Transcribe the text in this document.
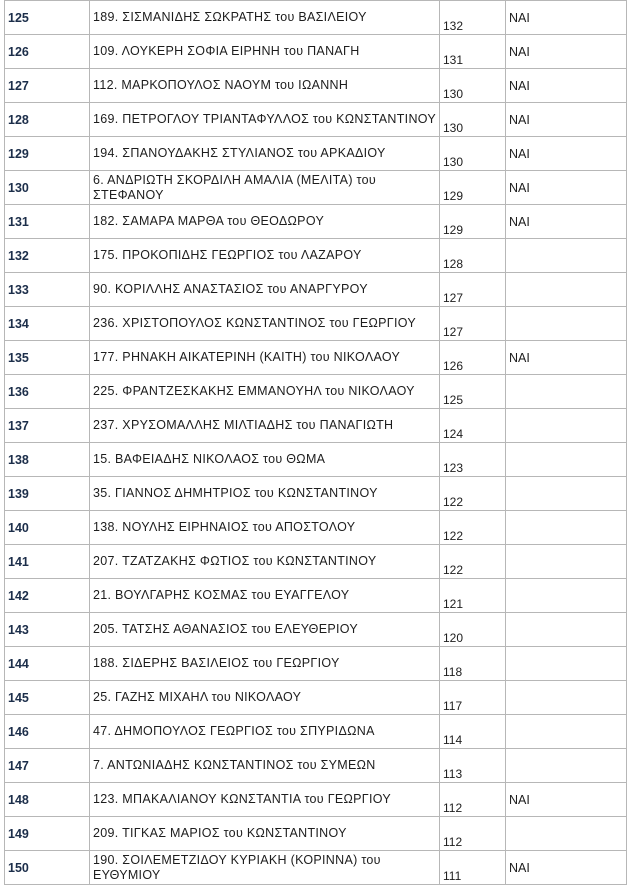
125	189. ΣΙΣΜΑΝΙΔΗΣ ΣΩΚΡΑΤΗΣ του ΒΑΣΙΛΕΙΟΥ	132	ΝΑΙ
126	109. ΛΟΥΚΕΡΗ ΣΟΦΙΑ ΕΙΡΗΝΗ του ΠΑΝΑΓΗ	131	ΝΑΙ
127	112. ΜΑΡΚΟΠΟΥΛΟΣ ΝΑΟΥΜ του ΙΩΑΝΝΗ	130	ΝΑΙ
128	169. ΠΕΤΡΟΓΛΟΥ ΤΡΙΑΝΤΑΦΥΛΛΟΣ του ΚΩΝΣΤΑΝΤΙΝΟΥ	130	ΝΑΙ
129	194. ΣΠΑΝΟΥΔΑΚΗΣ ΣΤΥΛΙΑΝΟΣ του ΑΡΚΑΔΙΟΥ	130	ΝΑΙ
130	6. ΑΝΔΡΙΩΤΗ ΣΚΟΡΔΙΛΗ ΑΜΑΛΙΑ (ΜΕΛΙΤΑ) του ΣΤΕΦΑΝΟΥ	129	ΝΑΙ
131	182. ΣΑΜΑΡΑ ΜΑΡΘΑ του ΘΕΟΔΩΡΟΥ	129	ΝΑΙ
132	175. ΠΡΟΚΟΠΙΔΗΣ ΓΕΩΡΓΙΟΣ του ΛΑΖΑΡΟΥ	128	
133	90. ΚΟΡΙΛΛΗΣ ΑΝΑΣΤΑΣΙΟΣ του ΑΝΑΡΓΥΡΟΥ	127	
134	236. ΧΡΙΣΤΟΠΟΥΛΟΣ ΚΩΝΣΤΑΝΤΙΝΟΣ του ΓΕΩΡΓΙΟΥ	127	
135	177. ΡΗΝΑΚΗ ΑΙΚΑΤΕΡΙΝΗ (ΚΑΙΤΗ) του ΝΙΚΟΛΑΟΥ	126	ΝΑΙ
136	225. ΦΡΑΝΤΖΕΣΚΑΚΗΣ ΕΜΜΑΝΟΥΗΛ του ΝΙΚΟΛΑΟΥ	125	
137	237. ΧΡΥΣΟΜΑΛΛΗΣ ΜΙΛΤΙΑΔΗΣ του ΠΑΝΑΓΙΩΤΗ	124	
138	15. ΒΑΦΕΙΑΔΗΣ ΝΙΚΟΛΑΟΣ του ΘΩΜΑ	123	
139	35. ΓΙΑΝΝΟΣ ΔΗΜΗΤΡΙΟΣ του ΚΩΝΣΤΑΝΤΙΝΟΥ	122	
140	138. ΝΟΥΛΗΣ ΕΙΡΗΝΑΙΟΣ του ΑΠΟΣΤΟΛΟΥ	122	
141	207. ΤΖΑΤΖΑΚΗΣ ΦΩΤΙΟΣ του ΚΩΝΣΤΑΝΤΙΝΟΥ	122	
142	21. ΒΟΥΛΓΑΡΗΣ ΚΟΣΜΑΣ του ΕΥΑΓΓΕΛΟΥ	121	
143	205. ΤΑΤΣΗΣ ΑΘΑΝΑΣΙΟΣ του ΕΛΕΥΘΕΡΙΟΥ	120	
144	188. ΣΙΔΕΡΗΣ ΒΑΣΙΛΕΙΟΣ του ΓΕΩΡΓΙΟΥ	118	
145	25. ΓΑΖΗΣ ΜΙΧΑΗΛ του ΝΙΚΟΛΑΟΥ	117	
146	47. ΔΗΜΟΠΟΥΛΟΣ ΓΕΩΡΓΙΟΣ του ΣΠΥΡΙΔΩΝΑ	114	
147	7. ΑΝΤΩΝΙΑΔΗΣ ΚΩΝΣΤΑΝΤΙΝΟΣ του ΣΥΜΕΩΝ	113	
148	123. ΜΠΑΚΑΛΙΑΝΟΥ ΚΩΝΣΤΑΝΤΙΑ του ΓΕΩΡΓΙΟΥ	112	ΝΑΙ
149	209. ΤΙΓΚΑΣ ΜΑΡΙΟΣ του ΚΩΝΣΤΑΝΤΙΝΟΥ	112	
150	190. ΣΟΙΛΕΜΕΤΖΙΔΟΥ ΚΥΡΙΑΚΗ (ΚΟΡΙΝΝΑ) του ΕΥΘΥΜΙΟΥ	111	ΝΑΙ
